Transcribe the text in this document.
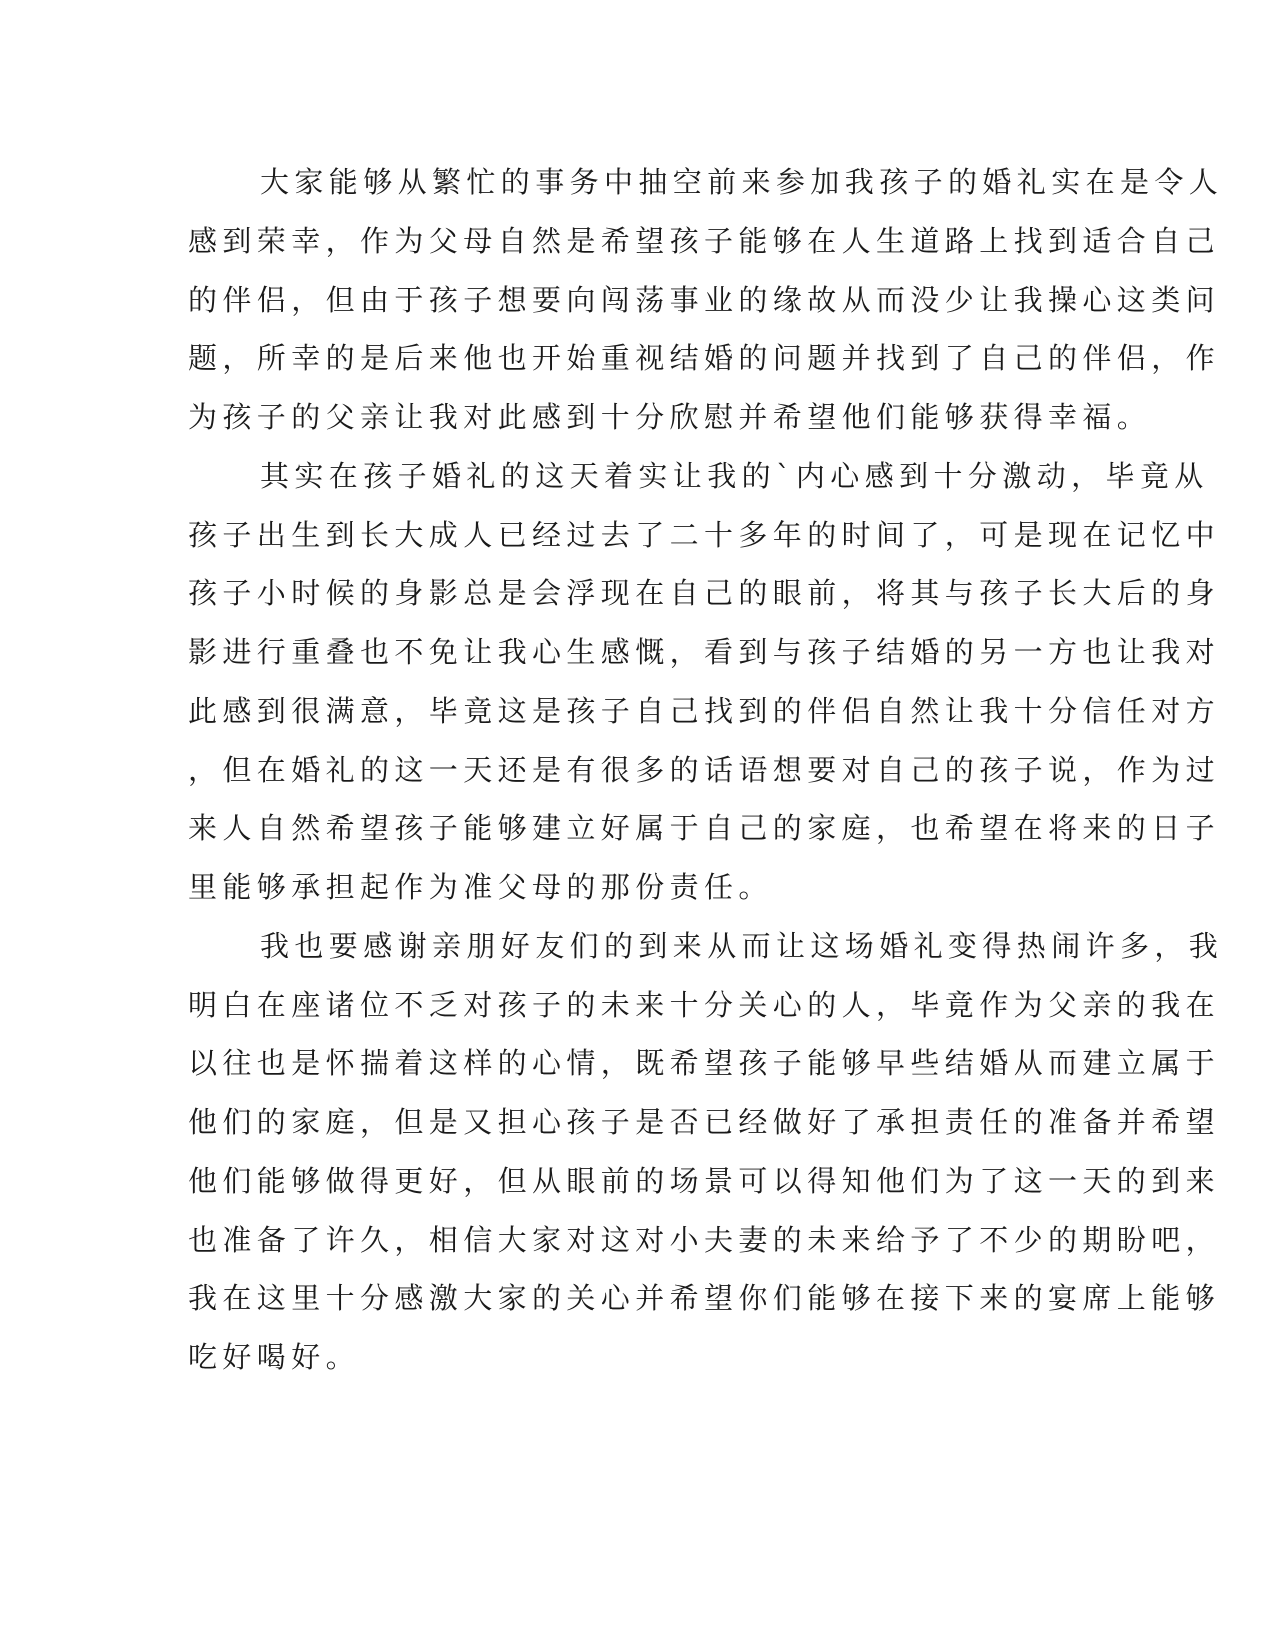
大家能够从繁忙的事务中抽空前来参加我孩子的婚礼实在是令人
感到荣幸，作为父母自然是希望孩子能够在人生道路上找到适合自己
的伴侣，但由于孩子想要向闯荡事业的缘故从而没少让我操心这类问
题，所幸的是后来他也开始重视结婚的问题并找到了自己的伴侣，作
为孩子的父亲让我对此感到十分欣慰并希望他们能够获得幸福。
其实在孩子婚礼的这天着实让我的`内心感到十分激动，毕竟从
孩子出生到长大成人已经过去了二十多年的时间了，可是现在记忆中
孩子小时候的身影总是会浮现在自己的眼前，将其与孩子长大后的身
影进行重叠也不免让我心生感慨，看到与孩子结婚的另一方也让我对
此感到很满意，毕竟这是孩子自己找到的伴侣自然让我十分信任对方
，但在婚礼的这一天还是有很多的话语想要对自己的孩子说，作为过
来人自然希望孩子能够建立好属于自己的家庭，也希望在将来的日子
里能够承担起作为准父母的那份责任。
我也要感谢亲朋好友们的到来从而让这场婚礼变得热闹许多，我
明白在座诸位不乏对孩子的未来十分关心的人，毕竟作为父亲的我在
以往也是怀揣着这样的心情，既希望孩子能够早些结婚从而建立属于
他们的家庭，但是又担心孩子是否已经做好了承担责任的准备并希望
他们能够做得更好，但从眼前的场景可以得知他们为了这一天的到来
也准备了许久，相信大家对这对小夫妻的未来给予了不少的期盼吧，
我在这里十分感激大家的关心并希望你们能够在接下来的宴席上能够
吃好喝好。
